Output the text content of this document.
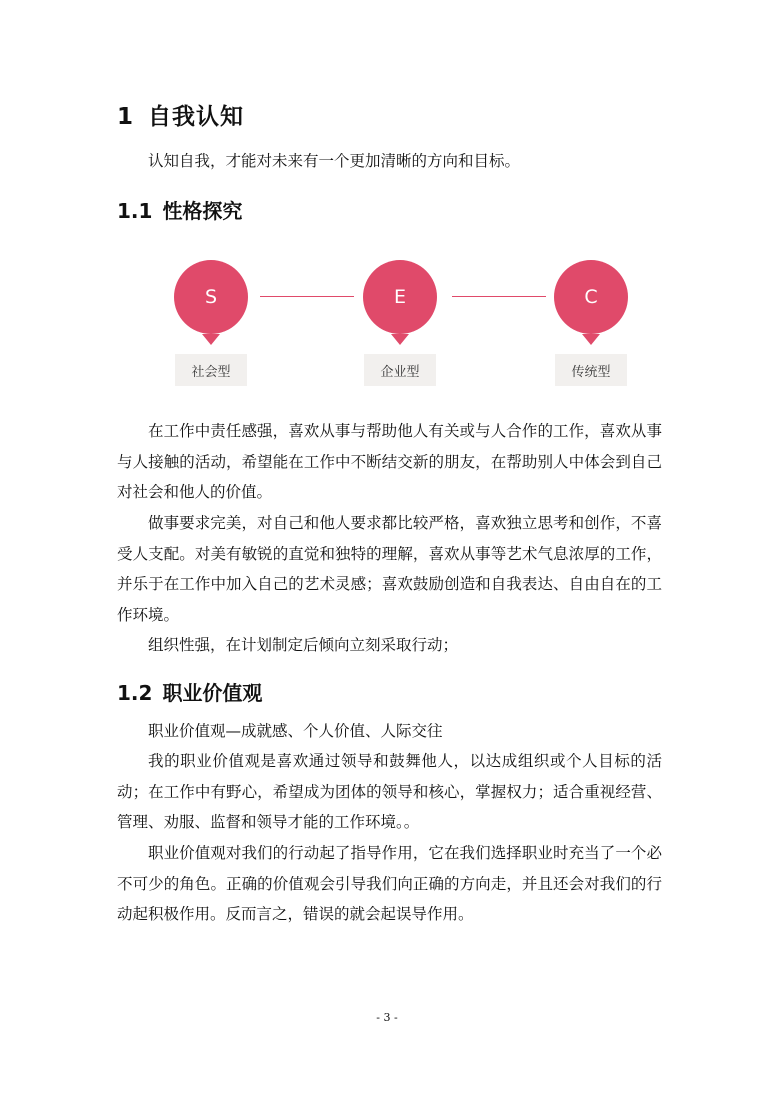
1 自我认知

认知自我，才能对未来有一个更加清晰的方向和目标。

1.1 性格探究
S
社会型
E
企业型
C
传统型

在工作中责任感强，喜欢从事与帮助他人有关或与人合作的工作，喜欢从事与人接触的活动，希望能在工作中不断结交新的朋友，在帮助别人中体会到自己对社会和他人的价值。

做事要求完美，对自己和他人要求都比较严格，喜欢独立思考和创作，不喜受人支配。对美有敏锐的直觉和独特的理解，喜欢从事等艺术气息浓厚的工作，并乐于在工作中加入自己的艺术灵感；喜欢鼓励创造和自我表达、自由自在的工作环境。

组织性强，在计划制定后倾向立刻采取行动；

1.2 职业价值观

职业价值观—成就感、个人价值、人际交往

我的职业价值观是喜欢通过领导和鼓舞他人，以达成组织或个人目标的活动；在工作中有野心，希望成为团体的领导和核心，掌握权力；适合重视经营、管理、劝服、监督和领导才能的工作环境。。

职业价值观对我们的行动起了指导作用，它在我们选择职业时充当了一个必不可少的角色。正确的价值观会引导我们向正确的方向走，并且还会对我们的行动起积极作用。反而言之，错误的就会起误导作用。

- 3 -
